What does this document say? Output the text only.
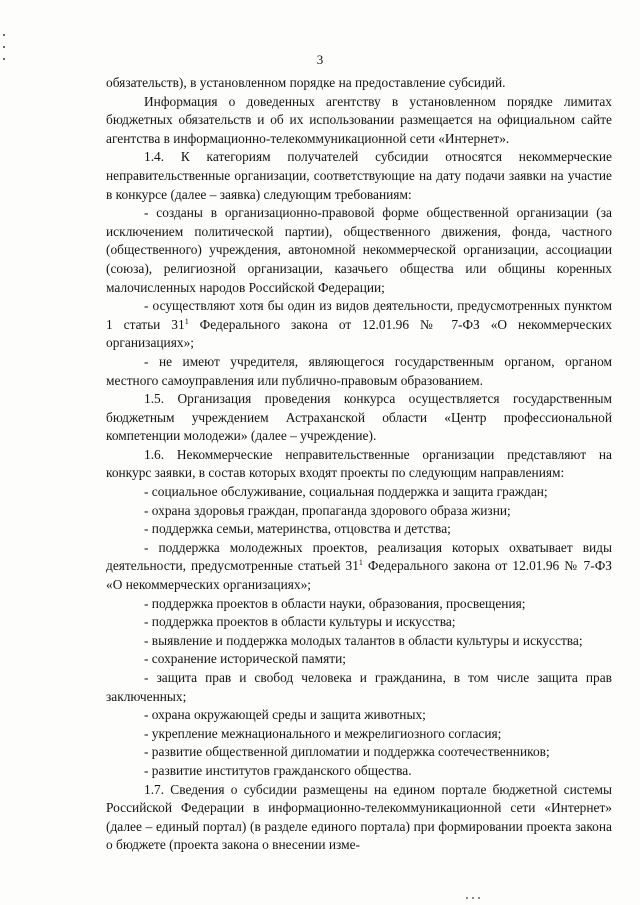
3

обязательств), в установленном порядке на предоставление субсидий.

Информация о доведенных агентству в установленном порядке лимитах бюджетных обязательств и об их использовании размещается на официальном сайте агентства в информационно-телекоммуникационной сети «Интернет».

1.4. К категориям получателей субсидии относятся некоммерческие неправительственные организации, соответствующие на дату подачи заявки на участие в конкурсе (далее – заявка) следующим требованиям:

- созданы в организационно-правовой форме общественной организации (за исключением политической партии), общественного движения, фонда, частного (общественного) учреждения, автономной некоммерческой организации, ассоциации (союза), религиозной организации, казачьего общества или общины коренных малочисленных народов Российской Федерации;

- осуществляют хотя бы один из видов деятельности, предусмотренных пунктом 1 статьи $31^1$ Федерального закона от 12.01.96 № 7-ФЗ «О некоммерческих организациях»;

- не имеют учредителя, являющегося государственным органом, органом местного самоуправления или публично-правовым образованием.

1.5. Организация проведения конкурса осуществляется государственным бюджетным учреждением Астраханской области «Центр профессиональной компетенции молодежи» (далее – учреждение).

1.6. Некоммерческие неправительственные организации представляют на конкурс заявки, в состав которых входят проекты по следующим направлениям:

- социальное обслуживание, социальная поддержка и защита граждан;

- охрана здоровья граждан, пропаганда здорового образа жизни;

- поддержка семьи, материнства, отцовства и детства;

- поддержка молодежных проектов, реализация которых охватывает виды деятельности, предусмотренные статьей $31^1$ Федерального закона от 12.01.96 № 7-ФЗ «О некоммерческих организациях»;

- поддержка проектов в области науки, образования, просвещения;

- поддержка проектов в области культуры и искусства;

- выявление и поддержка молодых талантов в области культуры и искусства;

- сохранение исторической памяти;

- защита прав и свобод человека и гражданина, в том числе защита прав заключенных;

- охрана окружающей среды и защита животных;

- укрепление межнационального и межрелигиозного согласия;

- развитие общественной дипломатии и поддержка соотечественников;

- развитие институтов гражданского общества.

1.7. Сведения о субсидии размещены на едином портале бюджетной системы Российской Федерации в информационно-телекоммуникационной сети «Интернет» (далее – единый портал) (в разделе единого портала) при формировании проекта закона о бюджете (проекта закона о внесении изме-
